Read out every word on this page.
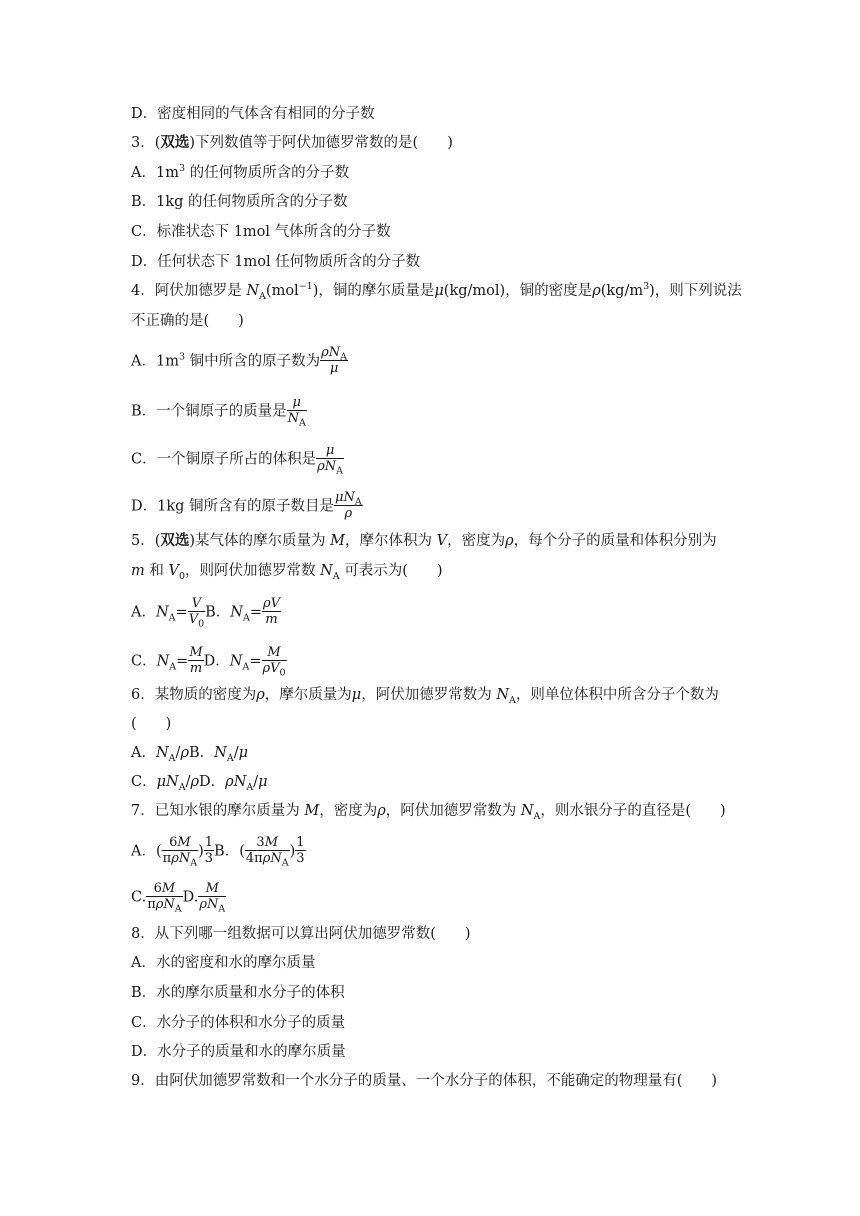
D．密度相同的气体含有相同的分子数
3．(双选)下列数值等于阿伏加德罗常数的是(　　)
A．$1m^3$ 的任何物质所含的分子数
B．1kg 的任何物质所含的分子数
C．标准状态下 1mol 气体所含的分子数
D．任何状态下 1mol 任何物质所含的分子数
4．阿伏加德罗是 $N_A(mol^{-1})$，铜的摩尔质量是μ(kg/mol)，铜的密度是$\rho(kg/m^3)$，则下列说法
不正确的是(　　)
A．$1m^3$ 铜中所含的原子数为 $\frac{\rho N_A}{\mu}$
B．一个铜原子的质量是 $\frac{\mu}{N_A}$
C．一个铜原子所占的体积是 $\frac{\mu}{\rho N_A}$
D．1kg 铜所含有的原子数目是 $\frac{\mu N_A}{\rho}$
5．(双选)某气体的摩尔质量为 M，摩尔体积为 V，密度为ρ，每个分子的质量和体积分别为
m 和 $V_0$，则阿伏加德罗常数 $N_A$ 可表示为(　　)
A．$N_A= \frac{V}{V_0}$ B．$N_A= \frac{\rho V}{m}$
C．$N_A= \frac{M}{m}$ D．$N_A= \frac{M}{\rho V_0}$
6．某物质的密度为ρ，摩尔质量为μ，阿伏加德罗常数为 $N_A$，则单位体积中所含分子个数为
(　　)
A．$N_A/\rho B$．$N_A/\mu$
C．$\mu N_A/\rho D$．$\rho N_A/\mu$
7．已知水银的摩尔质量为 M，密度为ρ，阿伏加德罗常数为 $N_A$，则水银分子的直径是(　　)
A．( $\frac{6M}{\pi\rho N_A}$ ) $\frac{1}{3}$ B．( $\frac{3M}{4\pi\rho N_A}$ ) $\frac{1}{3}$
C. $\frac{6M}{\pi\rho N_A} D$. $\frac{M}{\rho N_A}$
8．从下列哪一组数据可以算出阿伏加德罗常数(　　)
A．水的密度和水的摩尔质量
B．水的摩尔质量和水分子的体积
C．水分子的体积和水分子的质量
D．水分子的质量和水的摩尔质量
9．由阿伏加德罗常数和一个水分子的质量、一个水分子的体积，不能确定的物理量有(　　)
